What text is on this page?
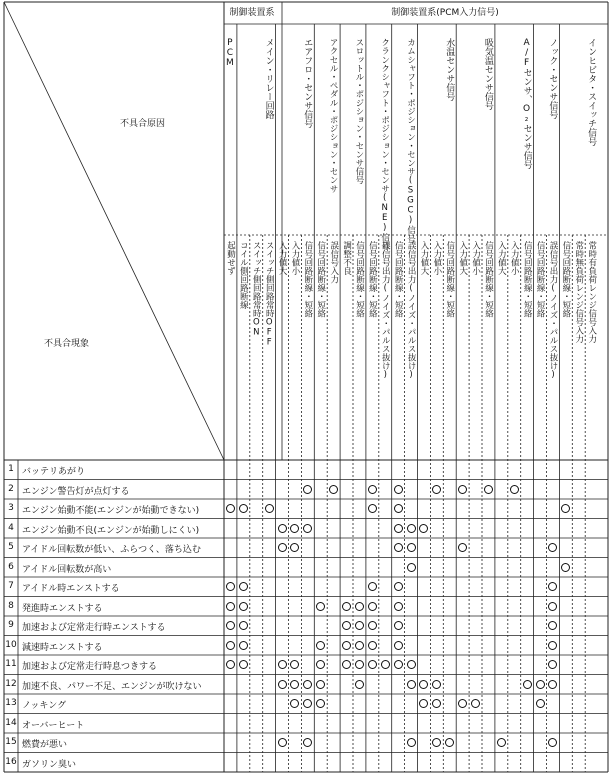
制御装置系	制御装置系(PCM入力信号)
不具合原因
不具合現象
PCM
起動せず
メイン・リレー回路
コイル側回路断線 スイッチ側回路常時ON スイッチ側回路常時OFF
エアフロ・センサ信号
入力値大 入力値小 信号回路断線・短絡
アクセル・ペダル・ポジション・センサ
信号回路断線・短絡 誤信号入力
スロットル・ポジション・センサ信号
調整不良 信号回路断線・短絡
クランクシャフト・ポジション・センサ(NE)信号
信号回路断線・短絡 誤信号出力(ノイズ・パルス抜け)
カムシャフト・ポジション・センサ(SGC)信号
信号回路断線・短絡 誤信号出力(ノイズ・パルス抜け)
水温センサ信号
入力値大 入力値小 信号回路断線・短絡
吸気温センサ信号
入力値大 入力値小 信号回路断線・短絡
A/Fセンサ、O₂センサ信号
入力値大 入力値小 信号回路断線・短絡
ノック・センサ信号
信号回路断線・短絡 誤信号出力(ノイズ・パルス抜け)
インヒビタ・スイッチ信号
信号回路断線・短絡 常時無負荷レンジ信号入力 常時有負荷レンジ信号入力
1 バッテリあがり
2 エンジン警告灯が点灯する
3 エンジン始動不能(エンジンが始動できない)
4 エンジン始動不良(エンジンが始動しにくい)
5 アイドル回転数が低い、ふらつく、落ち込む
6 アイドル回転数が高い
7 アイドル時エンストする
8 発進時エンストする
9 加速および定常走行時エンストする
10 減速時エンストする
11 加速および定常走行時息つきする
12 加速不良、パワー不足、エンジンが吹けない
13 ノッキング
14 オーバーヒート
15 燃費が悪い
16 ガソリン臭い
